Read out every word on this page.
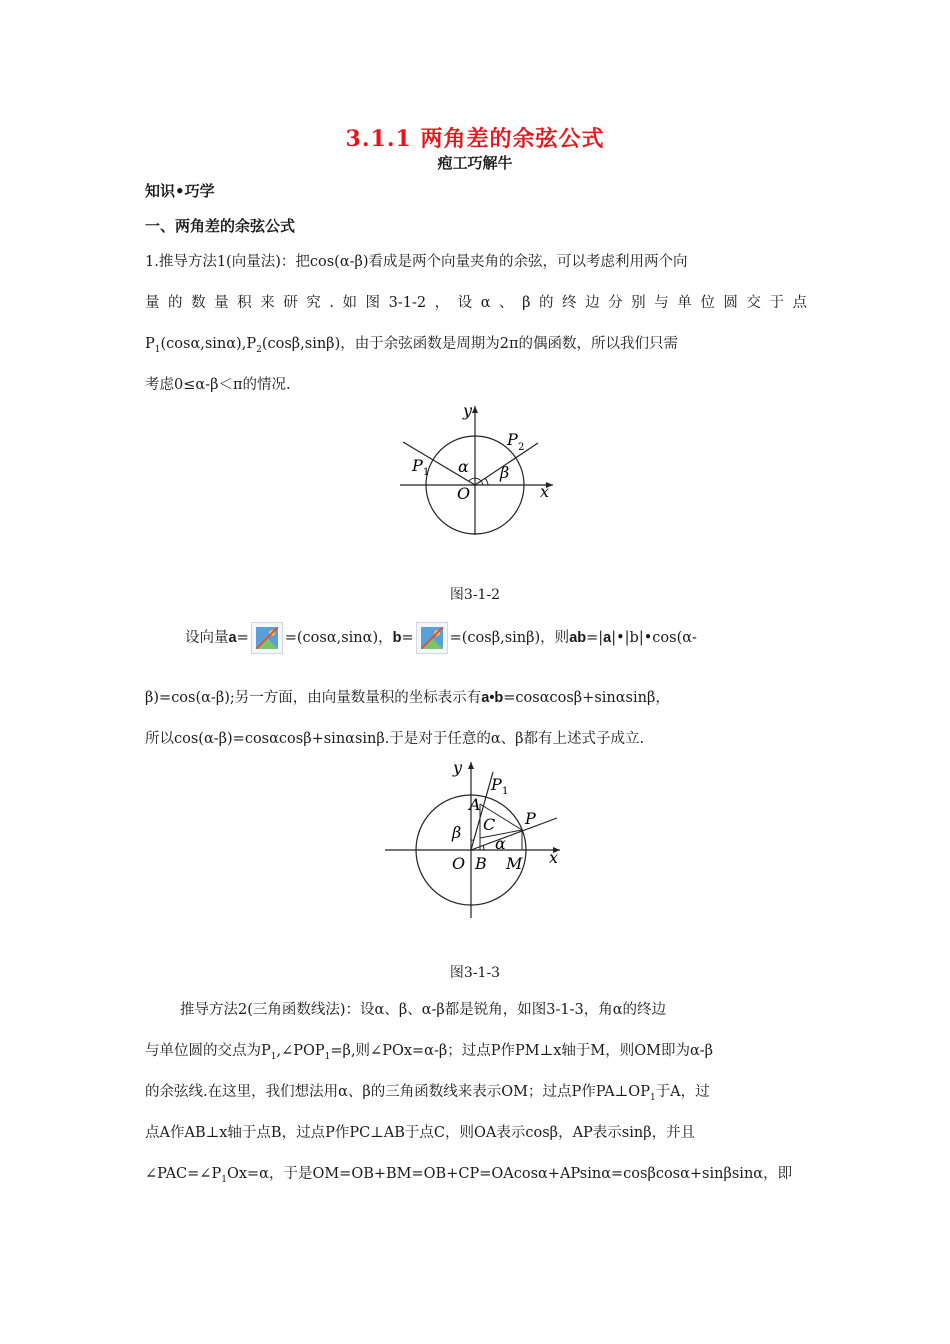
3.1.1 两角差的余弦公式
疱工巧解牛
知识•巧学
一、两角差的余弦公式
1.推导方法1(向量法)：把cos(α-β)看成是两个向量夹角的余弦，可以考虑利用两个向
量的数量积来研究.如图3-1-2，设α、β的终边分别与单位圆交于点
$P_1(\cos\alpha,\sin\alpha),P_2(\cos\beta,\sin\beta)$，由于余弦函数是周期为2π的偶函数，所以我们只需
考虑0≤α-β＜π的情况.
y
x
O
P 1
P 2
α β
图3-1-2
设向量a= =(cosα,sinα)，b= =(cosβ,sinβ)，则ab=|a|•|b|•cos(α-
β)=cos(α-β);另一方面，由向量数量积的坐标表示有a•b=cosαcosβ+sinαsinβ，
所以cos(α-β)=cosαcosβ+sinαsinβ.于是对于任意的α、β都有上述式子成立.
y
x
O B M
A
C P
P 1
α
β
图3-1-3
推导方法2(三角函数线法)：设α、β、α-β都是锐角，如图3-1-3，角α的终边
与单位圆的交点为$P_1,\angle POP_1=\beta$,则∠POx=α-β；过点P作PM⊥x轴于M，则OM即为α-β
的余弦线.在这里，我们想法用α、β的三角函数线来表示OM；过点P作$PA\perp OP_1$于A，过
点A作AB⊥x轴于点B，过点P作PC⊥AB于点C，则OA表示cosβ，AP表示sinβ，并且
$\angle PAC=\angle P_1Ox=\alpha$，于是OM=OB+BM=OB+CP=OAcosα+APsinα=cosβcosα+sinβsinα，即
